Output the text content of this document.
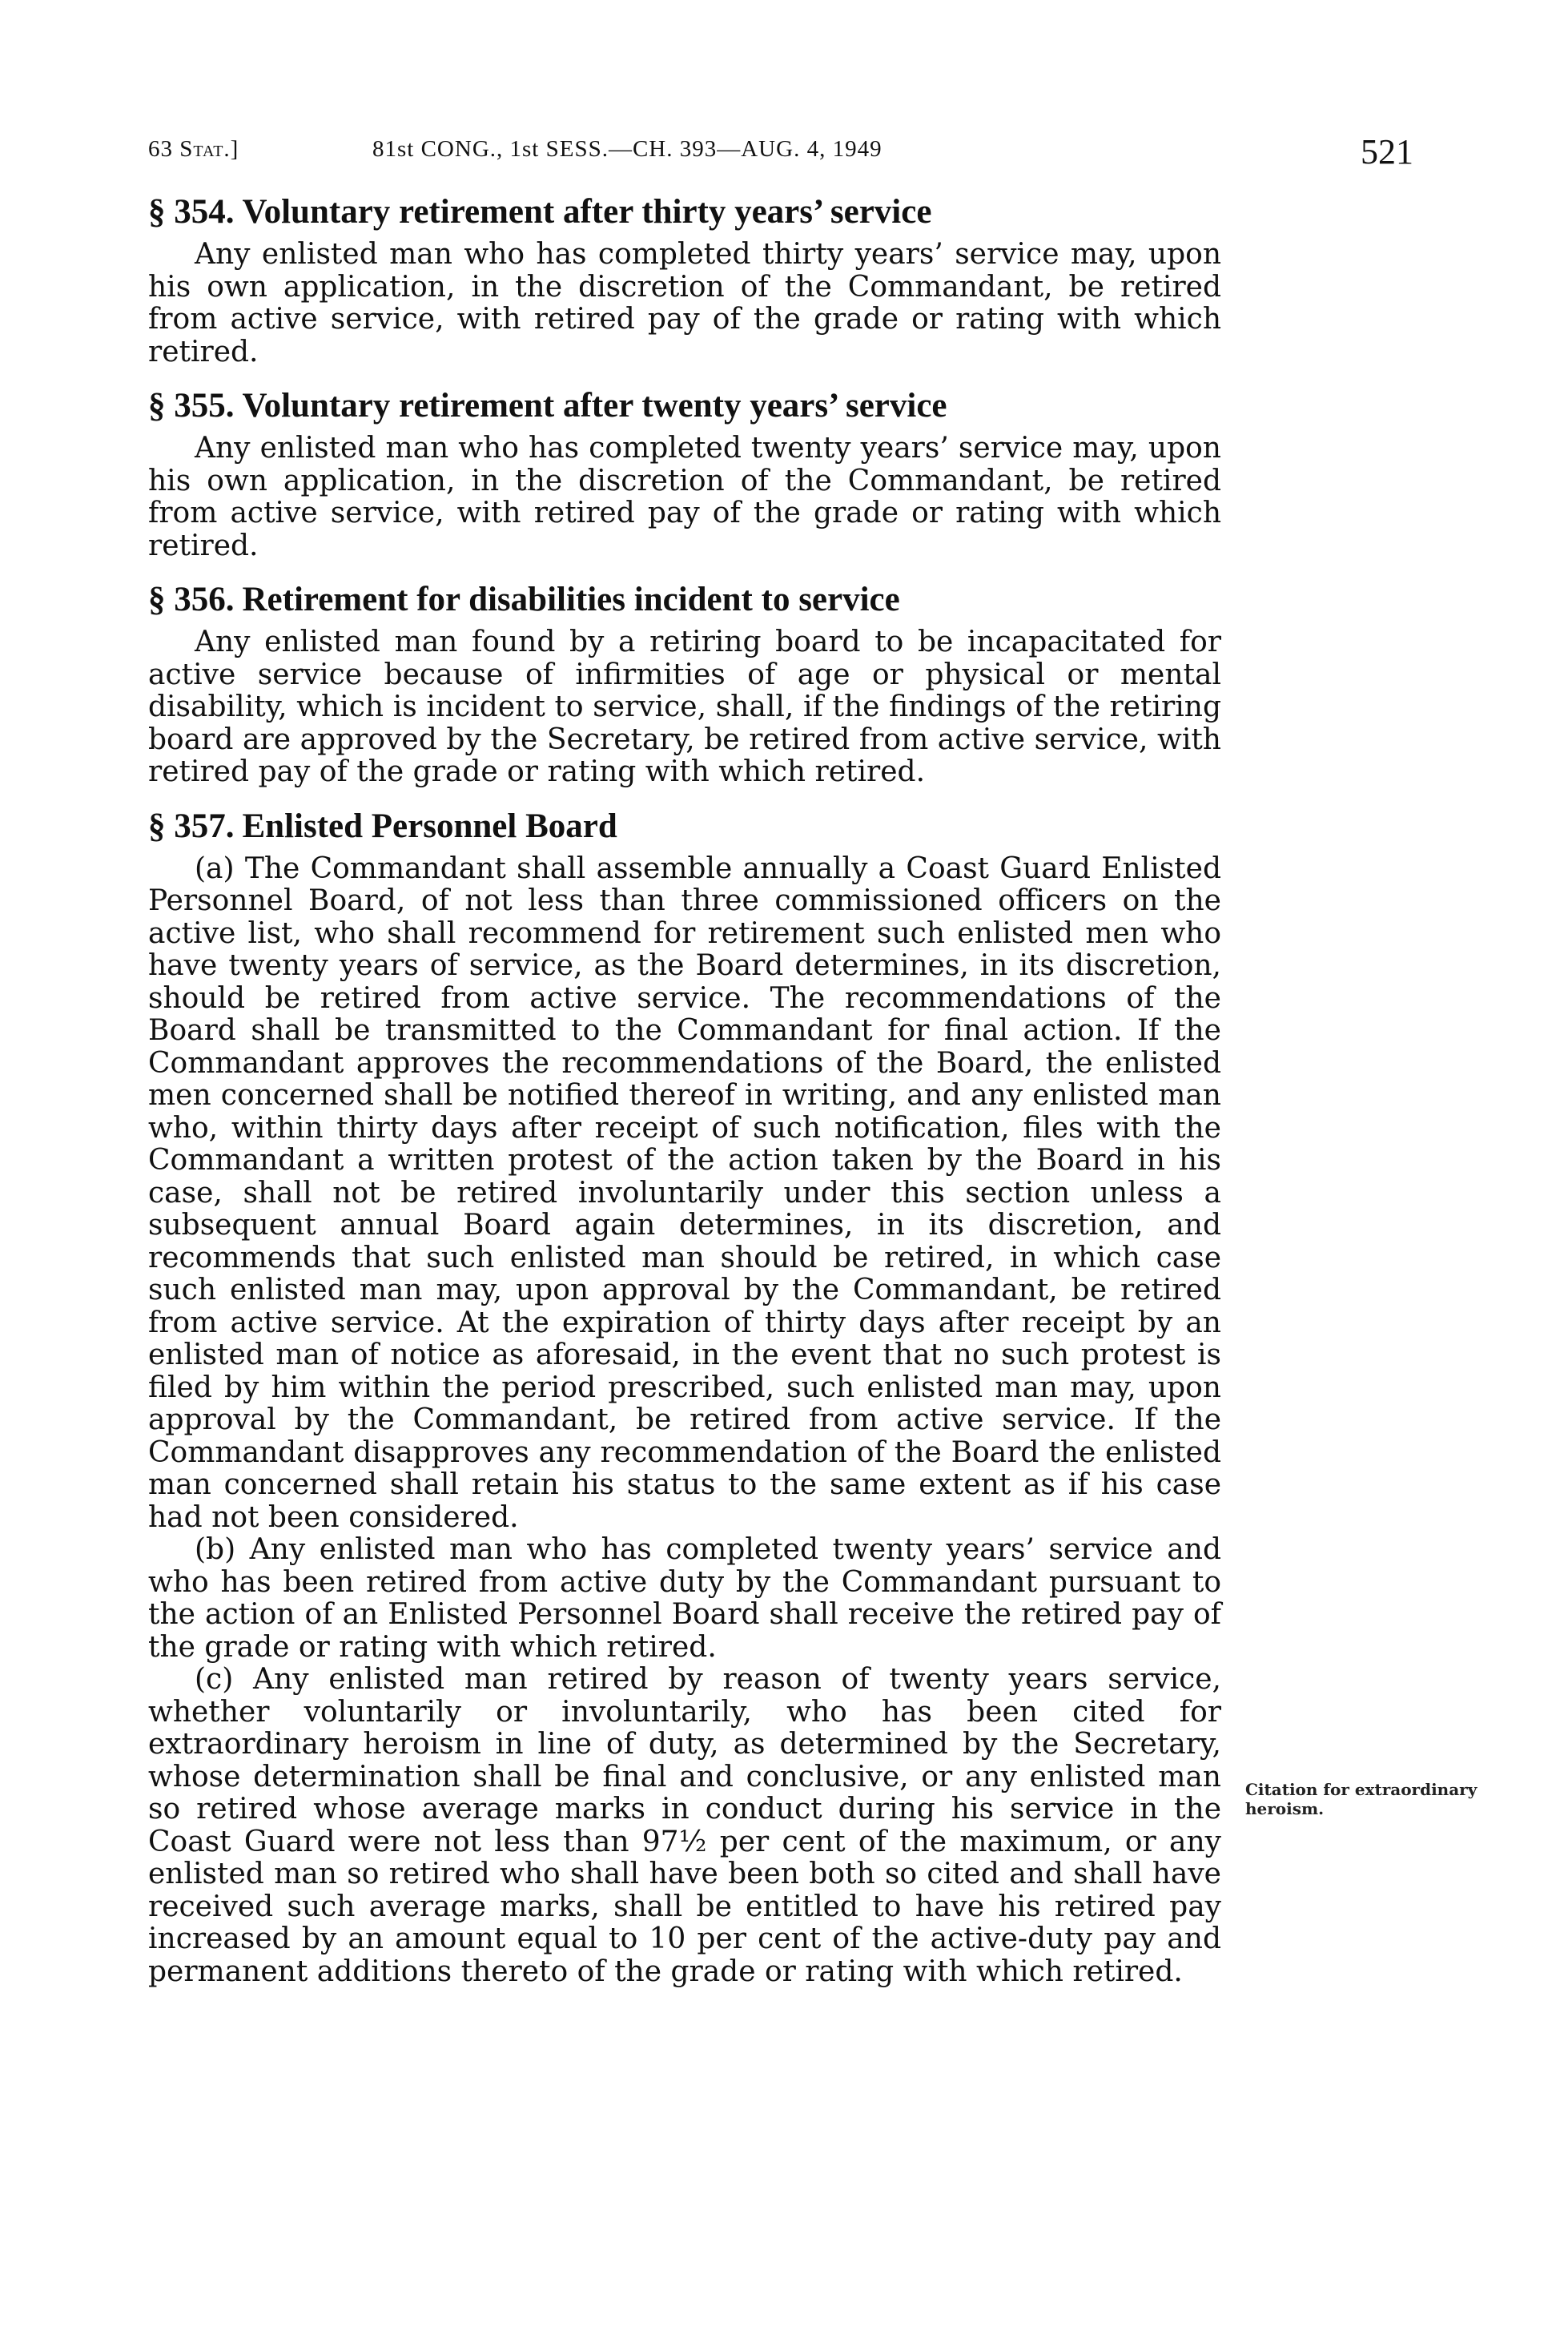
63 Stat.]	81st CONG., 1st SESS.—CH. 393—AUG. 4, 1949	521
§ 354. Voluntary retirement after thirty years’ service

Any enlisted man who has completed thirty years’ service may, upon his own application, in the discretion of the Commandant, be retired from active service, with retired pay of the grade or rating with which retired.

§ 355. Voluntary retirement after twenty years’ service

Any enlisted man who has completed twenty years’ service may, upon his own application, in the discretion of the Commandant, be retired from active service, with retired pay of the grade or rating with which retired.

§ 356. Retirement for disabilities incident to service

Any enlisted man found by a retiring board to be incapacitated for active service because of infirmities of age or physical or mental disability, which is incident to service, shall, if the findings of the retiring board are approved by the Secretary, be retired from active service, with retired pay of the grade or rating with which retired.

§ 357. Enlisted Personnel Board

(a) The Commandant shall assemble annually a Coast Guard Enlisted Personnel Board, of not less than three commissioned officers on the active list, who shall recommend for retirement such enlisted men who have twenty years of service, as the Board determines, in its discretion, should be retired from active service. The recommendations of the Board shall be transmitted to the Commandant for final action. If the Commandant approves the recommendations of the Board, the enlisted men concerned shall be notified thereof in writing, and any enlisted man who, within thirty days after receipt of such notification, files with the Commandant a written protest of the action taken by the Board in his case, shall not be retired involuntarily under this section unless a subsequent annual Board again determines, in its discretion, and recommends that such enlisted man should be retired, in which case such enlisted man may, upon approval by the Commandant, be retired from active service. At the expiration of thirty days after receipt by an enlisted man of notice as aforesaid, in the event that no such protest is filed by him within the period prescribed, such enlisted man may, upon approval by the Commandant, be retired from active service. If the Commandant disapproves any recommendation of the Board the enlisted man concerned shall retain his status to the same extent as if his case had not been considered.

(b) Any enlisted man who has completed twenty years’ service and who has been retired from active duty by the Commandant pursuant to the action of an Enlisted Personnel Board shall receive the retired pay of the grade or rating with which retired.

(c) Any enlisted man retired by reason of twenty years service, whether voluntarily or involuntarily, who has been cited for extraordinary heroism in line of duty, as determined by the Secretary, whose determination shall be final and conclusive, or any enlisted man so retired whose average marks in conduct during his service in the Coast Guard were not less than 97½ per cent of the maximum, or any enlisted man so retired who shall have been both so cited and shall have received such average marks, shall be entitled to have his retired pay increased by an amount equal to 10 per cent of the active-duty pay and permanent additions thereto of the grade or rating with which retired.

Citation for extraordinary heroism.
